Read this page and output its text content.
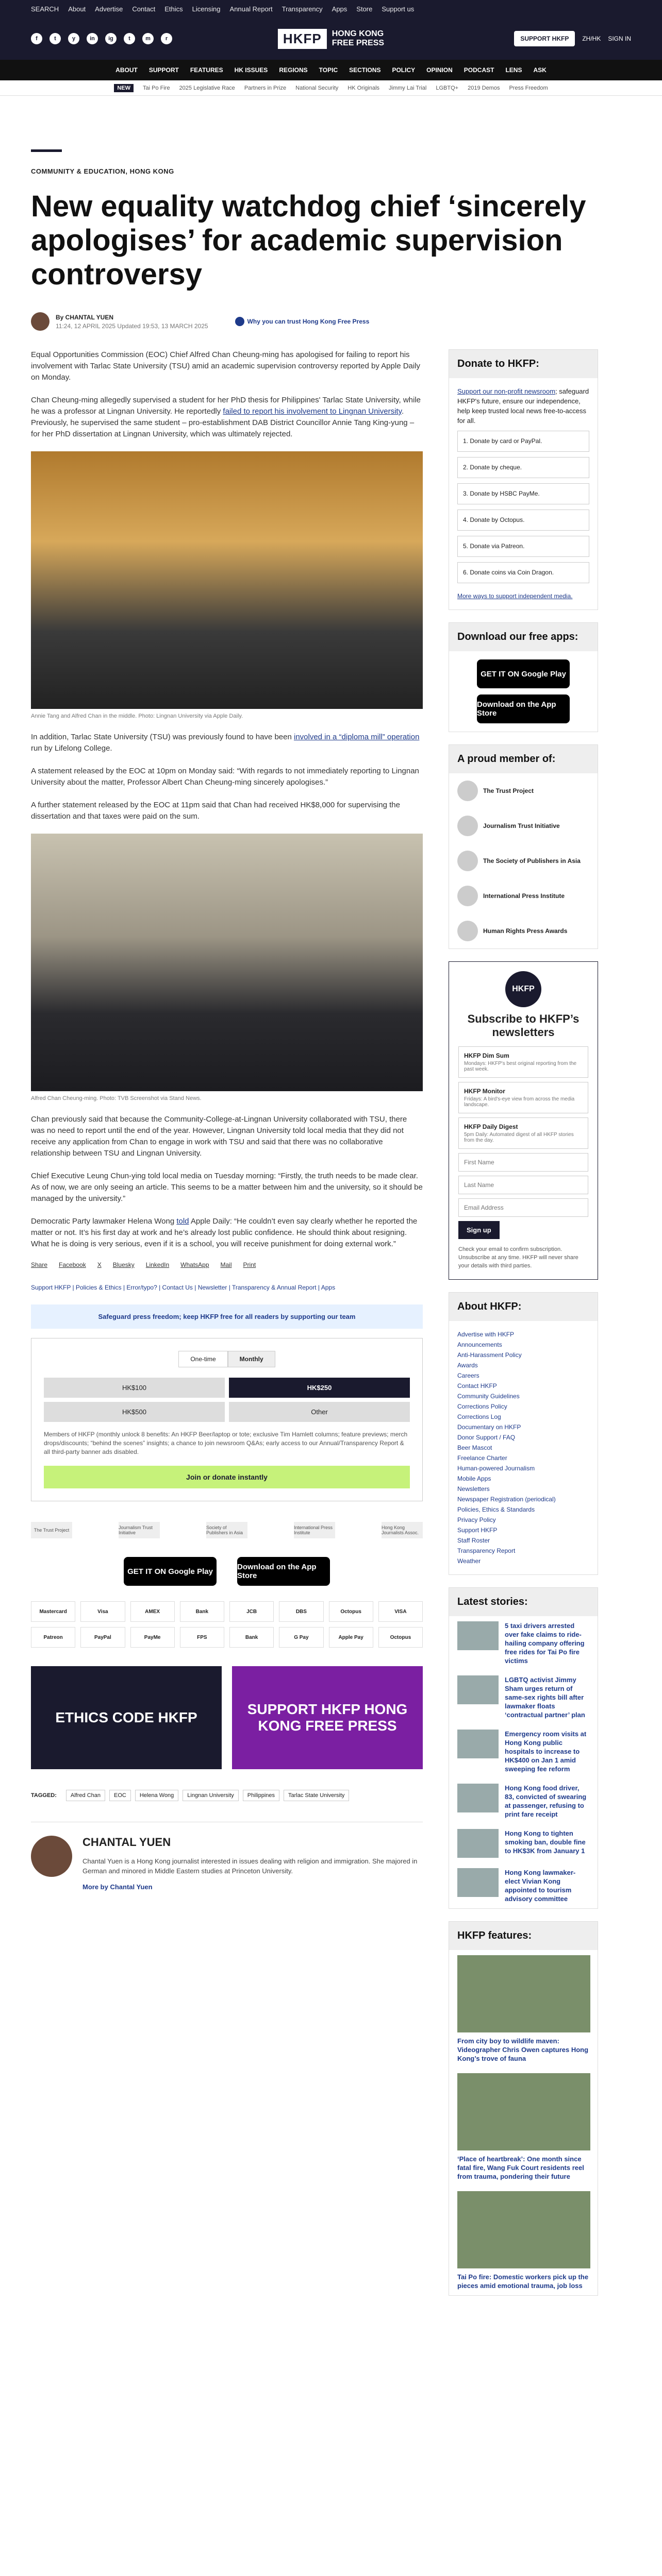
SEARCH About Advertise Contact Ethics Licensing Annual Report Transparency Apps Store Support us
f	t	y	in	ig	t	m	r	HKFP	HONG KONG
FREE PRESS	SUPPORT HKFP	ZH/HK SIGN IN
ABOUT SUPPORT FEATURES HK ISSUES REGIONS TOPIC SECTIONS POLICY OPINION PODCAST LENS ASK
NEW	Tai Po Fire 2025 Legislative Race Partners in Prize National Security HK Originals Jimmy Lai Trial LGBTQ+ 2019 Demos Press Freedom
COMMUNITY & EDUCATION, HONG KONG
New equality watchdog chief ‘sincerely apologises’ for academic supervision controversy
By CHANTAL YUEN
11:24, 12 APRIL 2025 Updated 19:53, 13 MARCH 2025
Why you can trust Hong Kong Free Press

Equal Opportunities Commission (EOC) Chief Alfred Chan Cheung-ming has apologised for failing to report his involvement with Tarlac State University (TSU) amid an academic supervision controversy reported by Apple Daily on Monday.

Chan Cheung-ming allegedly supervised a student for her PhD thesis for Philippines' Tarlac State University, while he was a professor at Lingnan University. He reportedly failed to report his involvement to Lingnan University. Previously, he supervised the same student – pro-establishment DAB District Councillor Annie Tang King-yung – for her PhD dissertation at Lingnan University, which was ultimately rejected.

Annie Tang and Alfred Chan in the middle. Photo: Lingnan University via Apple Daily.

In addition, Tarlac State University (TSU) was previously found to have been involved in a “diploma mill” operation run by Lifelong College.

A statement released by the EOC at 10pm on Monday said: “With regards to not immediately reporting to Lingnan University about the matter, Professor Albert Chan Cheung-ming sincerely apologises.”

A further statement released by the EOC at 11pm said that Chan had received HK$8,000 for supervising the dissertation and that taxes were paid on the sum.

Alfred Chan Cheung-ming. Photo: TVB Screenshot via Stand News.

Chan previously said that because the Community-College-at-Lingnan University collaborated with TSU, there was no need to report until the end of the year. However, Lingnan University told local media that they did not receive any application from Chan to engage in work with TSU and said that there was no collaborative relationship between TSU and Lingnan University.

Chief Executive Leung Chun-ying told local media on Tuesday morning: “Firstly, the truth needs to be made clear. As of now, we are only seeing an article. This seems to be a matter between him and the university, so it should be managed by the university.”

Democratic Party lawmaker Helena Wong told Apple Daily: “He couldn’t even say clearly whether he reported the matter or not. It’s his first day at work and he’s already lost public confidence. He should think about resigning. What he is doing is very serious, even if it is a school, you will receive punishment for doing external work.”

Share Facebook X Bluesky LinkedIn WhatsApp Mail Print
Support HKFP | Policies & Ethics | Error/typo? | Contact Us | Newsletter | Transparency & Annual Report | Apps
Safeguard press freedom; keep HKFP free for all readers by supporting our team
One-time	Monthly
HK$100	HK$250
HK$500	Other
Members of HKFP (monthly unlock 8 benefits: An HKFP Beer/laptop or tote; exclusive Tim Hamlett columns; feature previews; merch drops/discounts; “behind the scenes” insights; a chance to join newsroom Q&As; early access to our Annual/Transparency Report & all third-party banner ads disabled.
Join or donate instantly
The Trust Project	Journalism Trust Initiative
Society of Publishers in Asia
International Press Institute
Hong Kong Journalists Assoc.
GET IT ON Google Play	Download on the App Store
Mastercard	Visa	AMEX	Bank	JCB	DBS	Octopus	VISA
Patreon	PayPal	PayMe	FPS	Bank	G Pay	Apple Pay	Octopus
ETHICS CODE HKFP
SUPPORT HKFP HONG KONG FREE PRESS
TAGGED:	Alfred Chan	EOC	Helena Wong	Lingnan University	Philippines	Tarlac State University
CHANTAL YUEN

Chantal Yuen is a Hong Kong journalist interested in issues dealing with religion and immigration. She majored in German and minored in Middle Eastern studies at Princeton University.

More by Chantal Yuen
Donate to HKFP:
Support our non-profit newsroom; safeguard HKFP's future, ensure our independence, help keep trusted local news free-to-access for all.
1. Donate by card or PayPal.
2. Donate by cheque.
3. Donate by HSBC PayMe.
4. Donate by Octopus.
5. Donate via Patreon.
6. Donate coins via Coin Dragon.
More ways to support independent media.
Download our free apps:
GET IT ON Google Play
Download on the App Store
A proud member of:
The Trust Project
Journalism Trust Initiative
The Society of Publishers in Asia
International Press Institute
Human Rights Press Awards
HKFP
Subscribe to HKFP’s newsletters
HKFP Dim Sum
Mondays: HKFP's best original reporting from the past week.
HKFP Monitor
Fridays: A bird's-eye view from across the media landscape.
HKFP Daily Digest
5pm Daily: Automated digest of all HKFP stories from the day.
First Name Last Name Email Address
Sign up
Check your email to confirm subscription. Unsubscribe at any time. HKFP will never share your details with third parties.
About HKFP:
Advertise with HKFP
Announcements
Anti-Harassment Policy
Awards
Careers
Contact HKFP
Community Guidelines
Corrections Policy
Corrections Log
Documentary on HKFP
Donor Support / FAQ
Beer Mascot
Freelance Charter
Human-powered Journalism
Mobile Apps
Newsletters
Newspaper Registration (periodical)
Policies, Ethics & Standards
Privacy Policy
Support HKFP
Staff Roster
Transparency Report
Weather
Latest stories:
5 taxi drivers arrested over fake claims to ride-hailing company offering free rides for Tai Po fire victims
LGBTQ activist Jimmy Sham urges return of same-sex rights bill after lawmaker floats ‘contractual partner’ plan
Emergency room visits at Hong Kong public hospitals to increase to HK$400 on Jan 1 amid sweeping fee reform
Hong Kong food driver, 83, convicted of swearing at passenger, refusing to print fare receipt
Hong Kong to tighten smoking ban, double fine to HK$3K from January 1
Hong Kong lawmaker-elect Vivian Kong appointed to tourism advisory committee
HKFP features:
From city boy to wildlife maven: Videographer Chris Owen captures Hong Kong’s trove of fauna
‘Place of heartbreak’: One month since fatal fire, Wang Fuk Court residents reel from trauma, pondering their future
Tai Po fire: Domestic workers pick up the pieces amid emotional trauma, job loss
